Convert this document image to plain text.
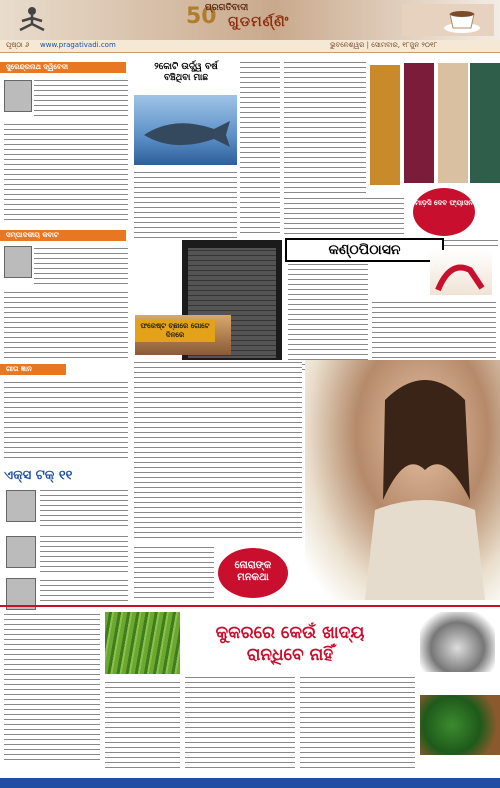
50
ପ୍ରଗତିବାଦୀ
ଗୁଡମର୍ଣ୍ଣିଂ
ପୃଷ୍ଠା ୬ www.pragativadi.com	ଭୁବନେଶ୍ୱର | ସୋମବାର, ୧୮ଜୁନ ୨୦୧୮
ସୁରେନ୍ଦ୍ରନାଥ ଦ୍ୱିବେଦୀ
ସମ୍ପାଦକୀୟ କବାଟ
ଗୀତା ଜ୍ଞାନ
ଏକ୍ସ ଟକ୍ ୧୧
୨କୋଟି ଉର୍ଦ୍ଧ୍ୱ ବର୍ଷ ବଞ୍ଚିଥିବା ମାଛ
ମାଡ଼ସି ଦେବ ଫ୍ୟାସନ
କଣ୍ଠପିଠାସନ
ଫରେଷ୍ଟ ଚ୍ଛାରେ ଗୋଟେ ଦିନରେ
ନୋରାଙ୍କ ମନକଥା
କୁକରରେ କେଉଁ ଖାଦ୍ୟ ରାନ୍ଧିବେ ନାହିଁ
